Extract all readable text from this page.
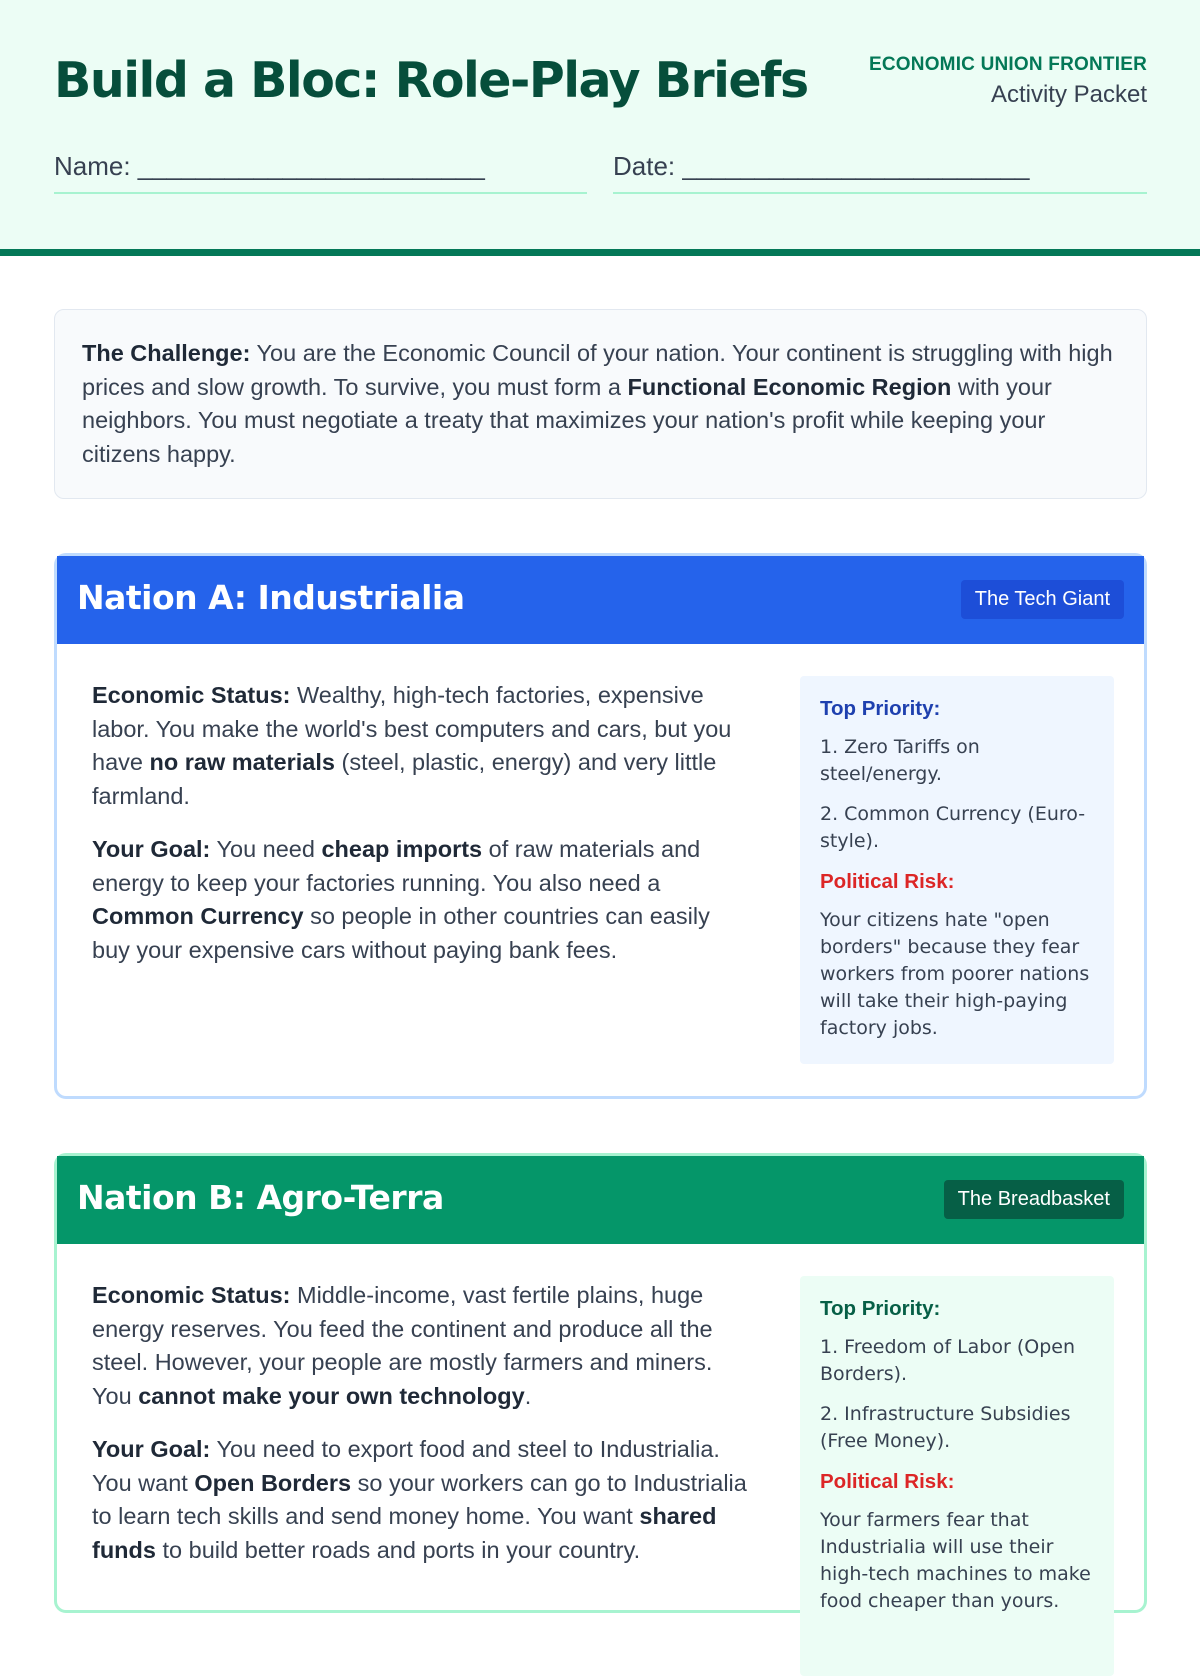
Build a Bloc: Role-Play Briefs	ECONOMIC UNION FRONTIER
Activity Packet
Name: ________________________	Date: ________________________
The Challenge: You are the Economic Council of your nation. Your continent is struggling with high prices and slow growth. To survive, you must form a Functional Economic Region with your neighbors. You must negotiate a treaty that maximizes your nation's profit while keeping your citizens happy.
Nation A: Industrialia	The Tech Giant

Economic Status: Wealthy, high-tech factories, expensive labor. You make the world's best computers and cars, but you have no raw materials (steel, plastic, energy) and very little farmland.

Your Goal: You need cheap imports of raw materials and energy to keep your factories running. You also need a Common Currency so people in other countries can easily buy your expensive cars without paying bank fees.

Top Priority:
1. Zero Tariffs on steel/energy.
2. Common Currency (Euro-style).
Political Risk:
Your citizens hate "open borders" because they fear workers from poorer nations will take their high-paying factory jobs.
Nation B: Agro-Terra	The Breadbasket

Economic Status: Middle-income, vast fertile plains, huge energy reserves. You feed the continent and produce all the steel. However, your people are mostly farmers and miners. You cannot make your own technology.

Your Goal: You need to export food and steel to Industrialia. You want Open Borders so your workers can go to Industrialia to learn tech skills and send money home. You want shared funds to build better roads and ports in your country.

Top Priority:
1. Freedom of Labor (Open Borders).
2. Infrastructure Subsidies (Free Money).
Political Risk:
Your farmers fear that Industrialia will use their high-tech machines to make food cheaper than yours.
